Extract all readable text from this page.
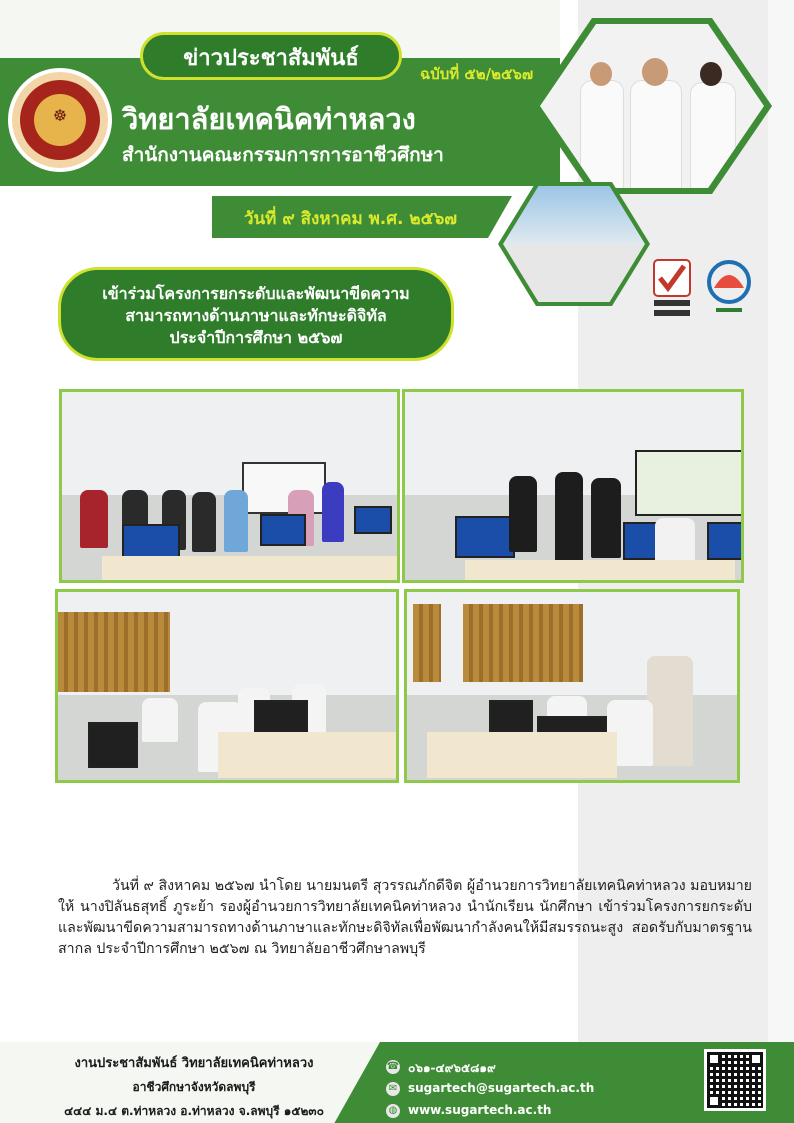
☸
ข่าวประชาสัมพันธ์
ฉบับที่ ๕๒/๒๕๖๗
วิทยาลัยเทคนิคท่าหลวง
สำนักงานคณะกรรมการการอาชีวศึกษา
วันที่ ๙ สิงหาคม พ.ศ. ๒๕๖๗
เข้าร่วมโครงการยกระดับและพัฒนาขีดความ
สามารถทางด้านภาษาและทักษะดิจิทัล
ประจำปีการศึกษา ๒๕๖๗
วันที่ ๙ สิงหาคม ๒๕๖๗ นำโดย นายมนตรี สุวรรณภักดีจิต ผู้อำนวยการวิทยาลัยเทคนิคท่าหลวง มอบหมายให้ นางปิลันธสุทธิ์ ภูระย้า รองผู้อำนวยการวิทยาลัยเทคนิคท่าหลวง นำนักเรียน นักศึกษา เข้าร่วมโครงการยกระดับและพัฒนาขีดความสามารถทางด้านภาษาและทักษะดิจิทัลเพื่อพัฒนากำลังคนให้มีสมรรถนะสูง สอดรับกับมาตรฐานสากล ประจำปีการศึกษา ๒๕๖๗ ณ วิทยาลัยอาชีวศึกษาลพบุรี
งานประชาสัมพันธ์ วิทยาลัยเทคนิคท่าหลวง
อาชีวศึกษาจังหวัดลพบุรี
๔๔๔ ม.๔ ต.ท่าหลวง อ.ท่าหลวง จ.ลพบุรี ๑๕๒๓๐
☎ ๐๖๑-๔๙๖๕๘๑๙
✉ sugartech@sugartech.ac.th
◍ www.sugartech.ac.th
